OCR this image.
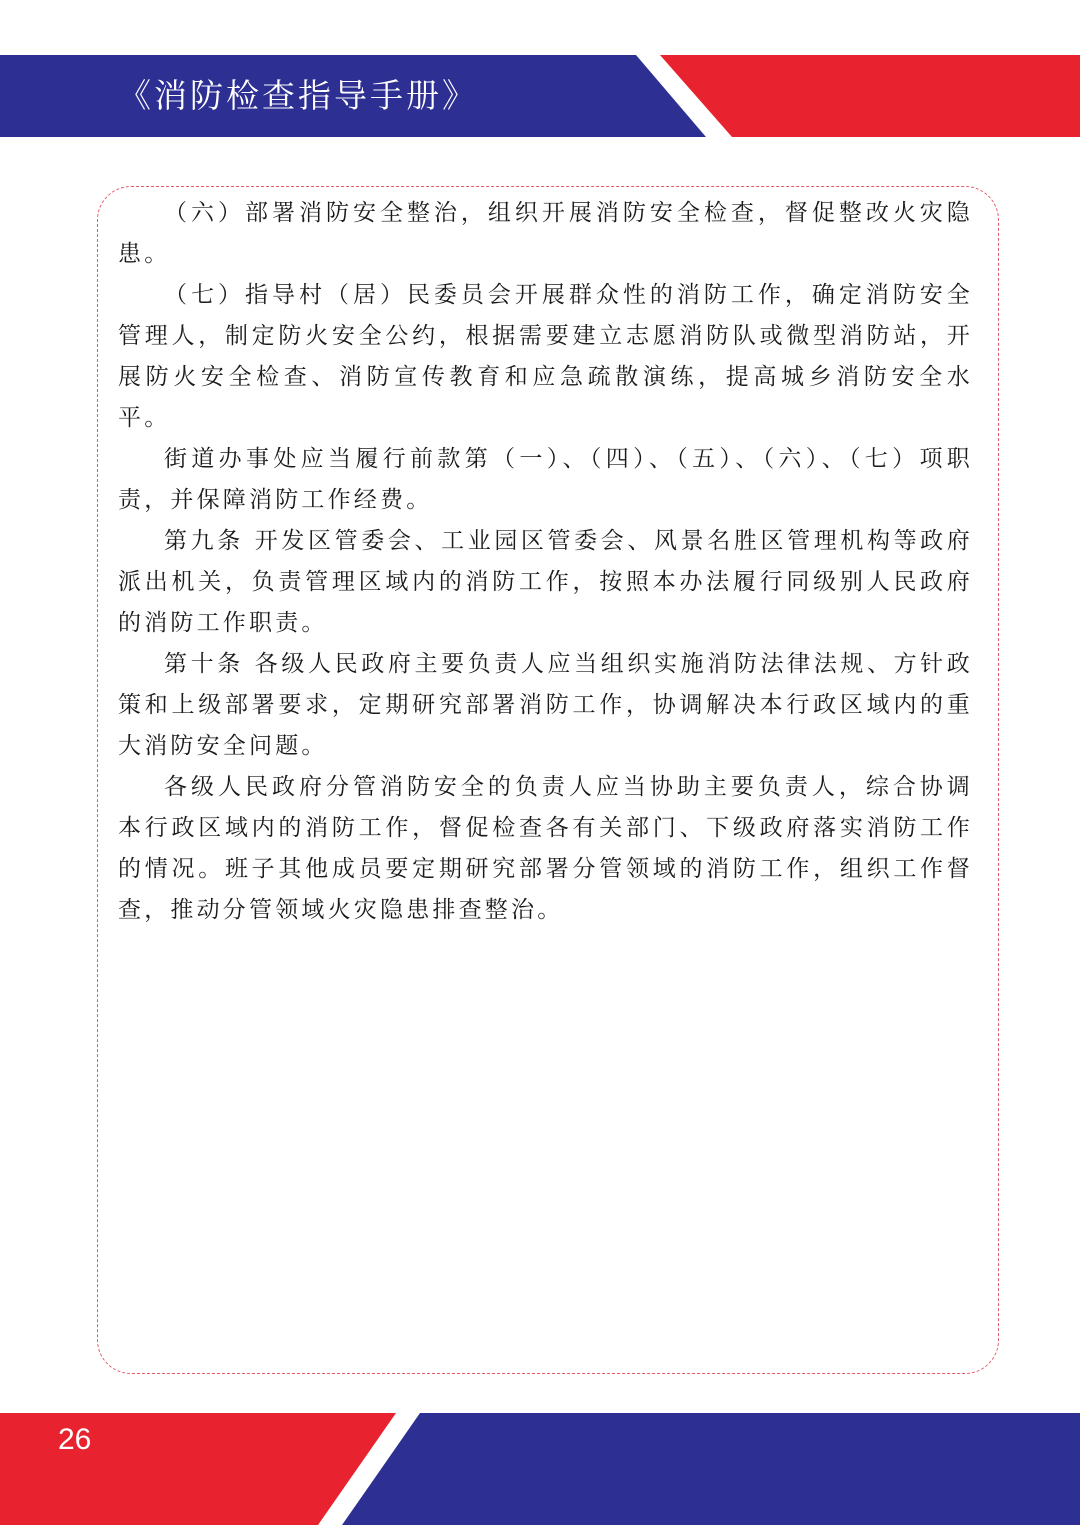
《消防检查指导手册》

（六）部署消防安全整治，组织开展消防安全检查，督促整改火灾隐患。

（七）指导村（居）民委员会开展群众性的消防工作，确定消防安全管理人，制定防火安全公约，根据需要建立志愿消防队或微型消防站，开展防火安全检查、消防宣传教育和应急疏散演练，提高城乡消防安全水平。

街道办事处应当履行前款第（一）、（四）、（五）、（六）、（七）项职责，并保障消防工作经费。

第九条 开发区管委会、工业园区管委会、风景名胜区管理机构等政府派出机关，负责管理区域内的消防工作，按照本办法履行同级别人民政府的消防工作职责。

第十条 各级人民政府主要负责人应当组织实施消防法律法规、方针政策和上级部署要求，定期研究部署消防工作，协调解决本行政区域内的重大消防安全问题。

各级人民政府分管消防安全的负责人应当协助主要负责人，综合协调本行政区域内的消防工作，督促检查各有关部门、下级政府落实消防工作的情况。班子其他成员要定期研究部署分管领域的消防工作，组织工作督查，推动分管领域火灾隐患排查整治。

26
